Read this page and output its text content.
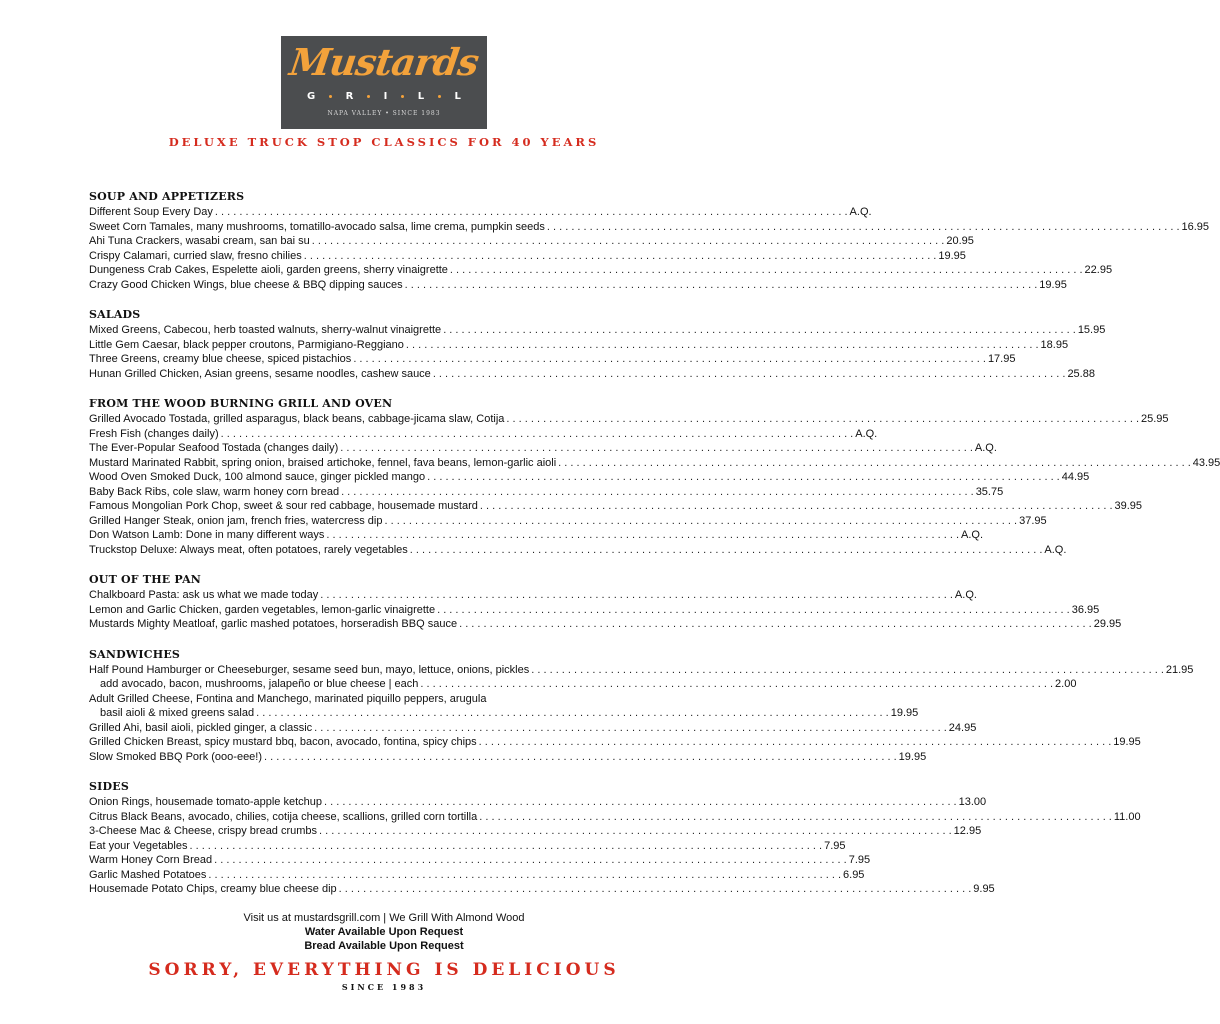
Mustards
G	R	I	L	L
NAPA VALLEY • SINCE 1983
DELUXE TRUCK STOP CLASSICS FOR 40 YEARS
SOUP AND APPETIZERS
Different Soup Every Day . . .	A.Q.
Sweet Corn Tamales, many mushrooms, tomatillo-avocado salsa, lime crema, pumpkin seeds . . .	16.95
Ahi Tuna Crackers, wasabi cream, san bai su . . .	20.95
Crispy Calamari, curried slaw, fresno chilies . . .	19.95
Dungeness Crab Cakes, Espelette aioli, garden greens, sherry vinaigrette . . .	22.95
Crazy Good Chicken Wings, blue cheese & BBQ dipping sauces . . .	19.95
SALADS
Mixed Greens, Cabecou, herb toasted walnuts, sherry-walnut vinaigrette . . .	15.95
Little Gem Caesar, black pepper croutons, Parmigiano-Reggiano . . .	18.95
Three Greens, creamy blue cheese, spiced pistachios . . .	17.95
Hunan Grilled Chicken, Asian greens, sesame noodles, cashew sauce . . .	25.88
FROM THE WOOD BURNING GRILL AND OVEN
Grilled Avocado Tostada, grilled asparagus, black beans, cabbage-jicama slaw, Cotija . . .	25.95
Fresh Fish (changes daily) . . .	A.Q.
The Ever-Popular Seafood Tostada (changes daily) . . .	A.Q.
Mustard Marinated Rabbit, spring onion, braised artichoke, fennel, fava beans, lemon-garlic aioli . . .	43.95
Wood Oven Smoked Duck, 100 almond sauce, ginger pickled mango . . .	44.95
Baby Back Ribs, cole slaw, warm honey corn bread . . .	35.75
Famous Mongolian Pork Chop, sweet & sour red cabbage, housemade mustard . . .	39.95
Grilled Hanger Steak, onion jam, french fries, watercress dip . . .	37.95
Don Watson Lamb: Done in many different ways . . .	A.Q.
Truckstop Deluxe: Always meat, often potatoes, rarely vegetables . . .	A.Q.
OUT OF THE PAN
Chalkboard Pasta: ask us what we made today . . .	A.Q.
Lemon and Garlic Chicken, garden vegetables, lemon-garlic vinaigrette . . .	36.95
Mustards Mighty Meatloaf, garlic mashed potatoes, horseradish BBQ sauce . . .	29.95
SANDWICHES
Half Pound Hamburger or Cheeseburger, sesame seed bun, mayo, lettuce, onions, pickles . . .	21.95
add avocado, bacon, mushrooms, jalapeño or blue cheese | each . . .	2.00
Adult Grilled Cheese, Fontina and Manchego, marinated piquillo peppers, arugula
basil aioli & mixed greens salad . . .	19.95
Grilled Ahi, basil aioli, pickled ginger, a classic . . .	24.95
Grilled Chicken Breast, spicy mustard bbq, bacon, avocado, fontina, spicy chips . . .	19.95
Slow Smoked BBQ Pork (ooo-eee!) . . .	19.95
SIDES
Onion Rings, housemade tomato-apple ketchup . . .	13.00
Citrus Black Beans, avocado, chilies, cotija cheese, scallions, grilled corn tortilla . . .	11.00
3-Cheese Mac & Cheese, crispy bread crumbs . . .	12.95
Eat your Vegetables . . .	7.95
Warm Honey Corn Bread . . .	7.95
Garlic Mashed Potatoes . . .	6.95
Housemade Potato Chips, creamy blue cheese dip . . .	9.95
Visit us at mustardsgrill.com | We Grill With Almond Wood
Water Available Upon Request
Bread Available Upon Request
SORRY, EVERYTHING IS DELICIOUS
SINCE 1983
